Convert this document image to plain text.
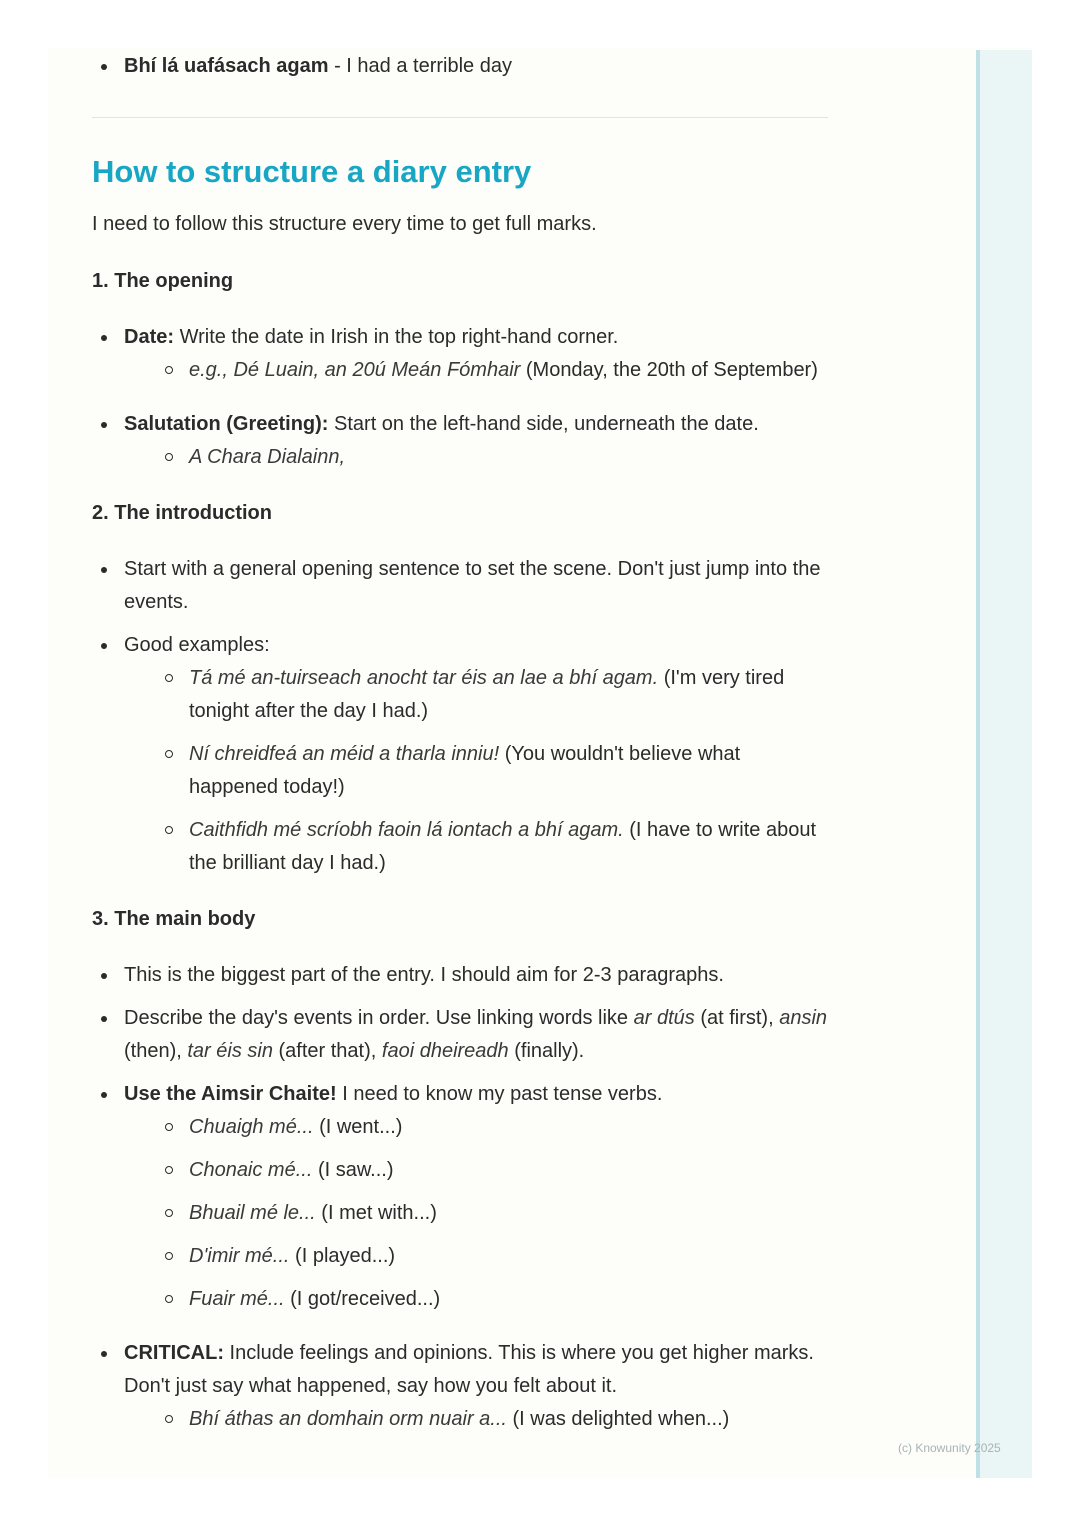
(c) Knowunity 2025
Bhí lá uafásach agam - I had a terrible day
How to structure a diary entry

I need to follow this structure every time to get full marks.

1. The opening

Date: Write the date in Irish in the top right-hand corner.
e.g., Dé Luain, an 20ú Meán Fómhair (Monday, the 20th of September)
Salutation (Greeting): Start on the left-hand side, underneath the date.
A Chara Dialainn,

2. The introduction

Start with a general opening sentence to set the scene. Don't just jump into the events.
Good examples:
Tá mé an-tuirseach anocht tar éis an lae a bhí agam. (I'm very tired tonight after the day I had.)
Ní chreidfeá an méid a tharla inniu! (You wouldn't believe what happened today!)
Caithfidh mé scríobh faoin lá iontach a bhí agam. (I have to write about the brilliant day I had.)

3. The main body

This is the biggest part of the entry. I should aim for 2-3 paragraphs.
Describe the day's events in order. Use linking words like ar dtús (at first), ansin (then), tar éis sin (after that), faoi dheireadh (finally).
Use the Aimsir Chaite! I need to know my past tense verbs.
Chuaigh mé... (I went...)
Chonaic mé... (I saw...)
Bhuail mé le... (I met with...)
D'imir mé... (I played...)
Fuair mé... (I got/received...)
CRITICAL: Include feelings and opinions. This is where you get higher marks. Don't just say what happened, say how you felt about it.
Bhí áthas an domhain orm nuair a... (I was delighted when...)
